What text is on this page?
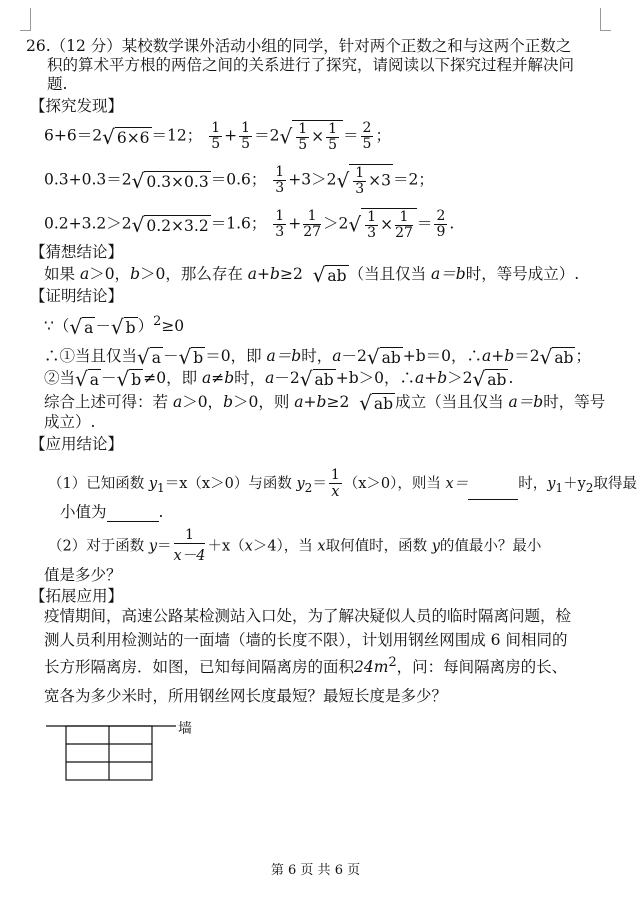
26.（12 分）某校数学课外活动小组的同学，针对两个正数之和与这两个正数之
积的算术平方根的两倍之间的关系进行了探究，请阅读以下探究过程并解决问
题.
【探究发现】
6+6＝2√ 6×6 ＝12； $\frac{1}{5} + \frac{1}{5} =2√ \frac{1}{5} \times \frac{1}{5} = \frac{2}{5}$ ；
0.3+0.3＝2√ 0.3×0.3 ＝0.6； $\frac{1}{3} +3>2√ \frac{1}{3} \times 3 =2$；
0.2+3.2＞2√ 0.2×3.2 ＝1.6； $\frac{1}{3} + \frac{1}{27} >2√ \frac{1}{3} \times \frac{1}{27} = \frac{2}{9}$ .
【猜想结论】
如果 a＞0，b＞0，那么存在 a+b≥2 √ ab （当且仅当 a＝b时，等号成立）.
【证明结论】
∵（√ a －√ b ）$^2$≥0
∴①当且仅当√ a －√ b ＝0，即 a＝b时，a－2√ ab +b＝0，∴a+b＝2√ ab ；
②当√ a －√ b ≠0，即 a≠b时，a－2√ ab +b＞0，∴a+b＞2√ ab .
综合上述可得：若 a＞0，b＞0，则 a+b≥2 √ ab 成立（当且仅当 a＝b时，等号
成立）.
【应用结论】
（1）已知函数 $y_1=x(x>0)$与函数 $y_2= \frac{1}{x} (x>0)$，则当 x＝	时，$y_1+y_2$取得最
小值为	.
（2）对于函数 $y= \frac{1}{x-4} +x(x>4)$，当 x取何值时，函数 y的值最小？最小
值是多少？
【拓展应用】
疫情期间，高速公路某检测站入口处，为了解决疑似人员的临时隔离问题，检
测人员利用检测站的一面墙（墙的长度不限），计划用钢丝网围成 6 间相同的
长方形隔离房．如图，已知每间隔离房的面积$24m^2$，问：每间隔离房的长、
宽各为多少米时，所用钢丝网长度最短？最短长度是多少？
墙
第 6 页 共 6 页
